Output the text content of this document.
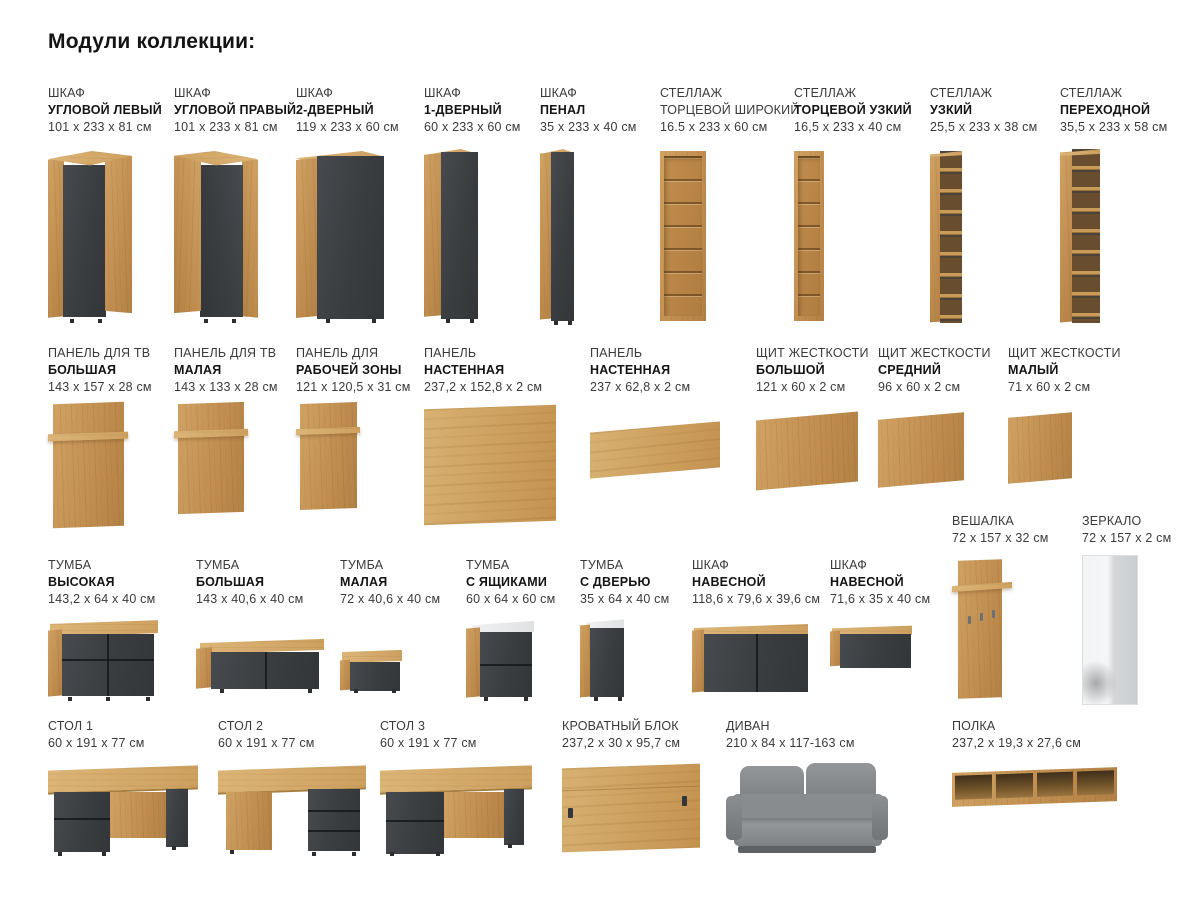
Модули коллекции:
ШКАФ
УГЛОВОЙ ЛЕВЫЙ
101 x 233 x 81 см
ШКАФ
УГЛОВОЙ ПРАВЫЙ
101 x 233 x 81 см
ШКАФ
2-ДВЕРНЫЙ
119 x 233 x 60 см
ШКАФ
1-ДВЕРНЫЙ
60 x 233 x 60 см
ШКАФ
ПЕНАЛ
35 x 233 x 40 см
СТЕЛЛАЖ
ТОРЦЕВОЙ ШИРОКИЙ
16.5 x 233 x 60 см
СТЕЛЛАЖ
ТОРЦЕВОЙ УЗКИЙ
16,5 x 233 x 40 см
СТЕЛЛАЖ
УЗКИЙ
25,5 x 233 x 38 см
СТЕЛЛАЖ
ПЕРЕХОДНОЙ
35,5 x 233 x 58 см
ПАНЕЛЬ ДЛЯ ТВ
БОЛЬШАЯ
143 x 157 x 28 см
ПАНЕЛЬ ДЛЯ ТВ
МАЛАЯ
143 x 133 x 28 см
ПАНЕЛЬ ДЛЯ
РАБОЧЕЙ ЗОНЫ
121 x 120,5 x 31 см
ПАНЕЛЬ
НАСТЕННАЯ
237,2 x 152,8 x 2 см
ПАНЕЛЬ
НАСТЕННАЯ
237 x 62,8 x 2 см
ЩИТ ЖЕСТКОСТИ
БОЛЬШОЙ
121 x 60 x 2 см
ЩИТ ЖЕСТКОСТИ
СРЕДНИЙ
96 x 60 x 2 см
ЩИТ ЖЕСТКОСТИ
МАЛЫЙ
71 x 60 x 2 см
ВЕШАЛКА
72 x 157 x 32 см
ЗЕРКАЛО
72 x 157 x 2 см
ТУМБА
ВЫСОКАЯ
143,2 x 64 x 40 см
ТУМБА
БОЛЬШАЯ
143 x 40,6 x 40 см
ТУМБА
МАЛАЯ
72 x 40,6 x 40 см
ТУМБА
С ЯЩИКАМИ
60 x 64 x 60 см
ТУМБА
С ДВЕРЬЮ
35 x 64 x 40 см
ШКАФ
НАВЕСНОЙ
118,6 x 79,6 x 39,6 см
ШКАФ
НАВЕСНОЙ
71,6 x 35 x 40 см
СТОЛ 1
60 x 191 x 77 см
СТОЛ 2
60 x 191 x 77 см
СТОЛ 3
60 x 191 x 77 см
КРОВАТНЫЙ БЛОК
237,2 x 30 x 95,7 см
ДИВАН
210 x 84 x 117-163 см
ПОЛКА
237,2 x 19,3 x 27,6 см
